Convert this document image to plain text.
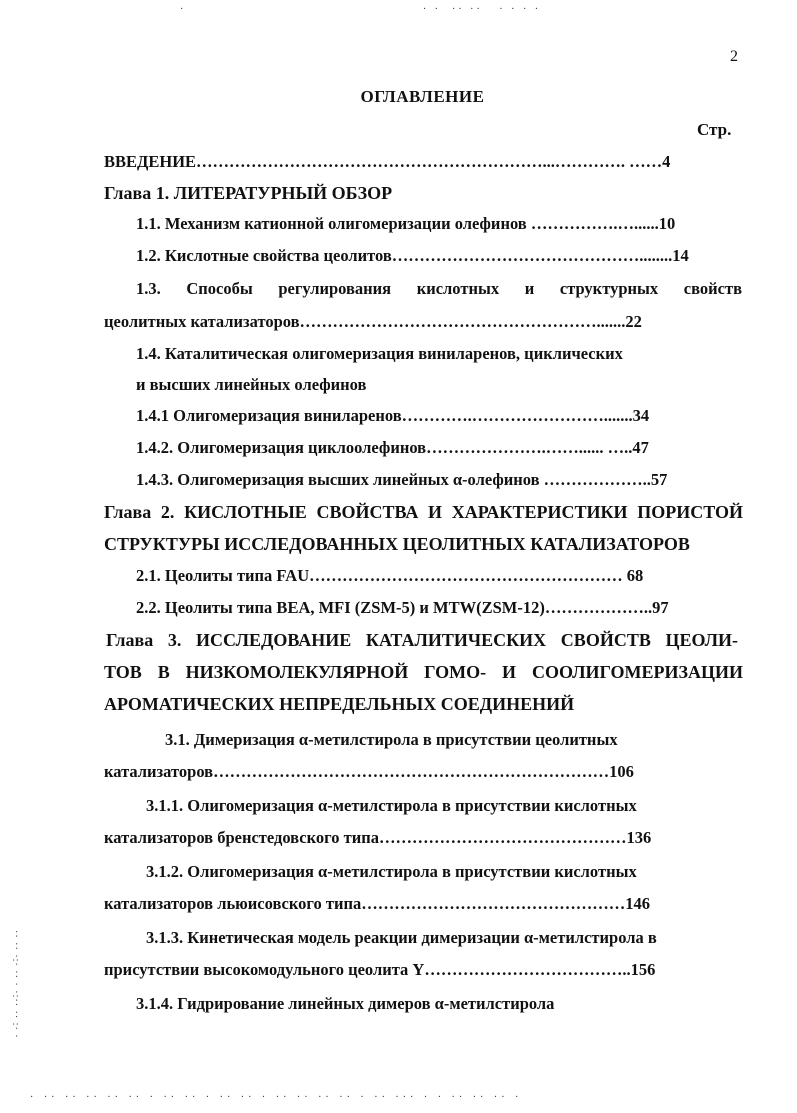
·                                           · ·  ·· ··   · · · ·
2
ОГЛАВЛЕНИЕ
Стр.
ВВЕДЕНИЕ………………………………………………………...…………. ……4
Глава 1. ЛИТЕРАТУРНЫЙ ОБЗОР
1.1. Механизм катионной олигомеризации олефинов …………….…......10
1.2. Кислотные свойства цеолитов………………………………………........14
1.3. Способы регулирования кислотных и структурных свойств
цеолитных катализаторов……………………………………………….......22
1.4. Каталитическая олигомеризация виниларенов, циклических
и высших линейных олефинов
1.4.1 Олигомеризация виниларенов………….…………………….......34
1.4.2. Олигомеризация циклоолефинов………………….……...... …..47
1.4.3. Олигомеризация высших линейных α-олефинов ………………..57
Глава 2. КИСЛОТНЫЕ СВОЙСТВА И ХАРАКТЕРИСТИКИ ПОРИСТОЙ
СТРУКТУРЫ ИССЛЕДОВАННЫХ ЦЕОЛИТНЫХ КАТАЛИЗАТОРОВ
2.1. Цеолиты типа FAU………………………………………………… 68
2.2. Цеолиты типа ВЕА, MFI (ZSM-5) и MTW(ZSM-12)………………..97
Глава 3. ИССЛЕДОВАНИЕ КАТАЛИТИЧЕСКИХ СВОЙСТВ ЦЕОЛИ-
ТОВ В НИЗКОМОЛЕКУЛЯРНОЙ ГОМО- И СООЛИГОМЕРИЗАЦИИ
АРОМАТИЧЕСКИХ НЕПРЕДЕЛЬНЫХ СОЕДИНЕНИЙ
3.1. Димеризация α-метилстирола в присутствии цеолитных
катализаторов………………………………………………………………106
3.1.1. Олигомеризация α-метилстирола в присутствии кислотных
катализаторов бренстедовского типа………………………………………136
3.1.2. Олигомеризация α-метилстирола в присутствии кислотных
катализаторов льюисовского типа…………………………………………146
3.1.3. Кинетическая модель реакции димеризации α-метилстирола в
присутствии высокомодульного цеолита Y………………………………..156
3.1.4. Гидрирование линейных димеров α-метилстирола
·· ·· ·:· ·· · ·:·· ·· :· ·
· ·· ·· ·· ·· ·· · ·· ·· · ·· ·· · ·· ·· ·· ·· · ·· ··· · · ·· ·· ·· ·
